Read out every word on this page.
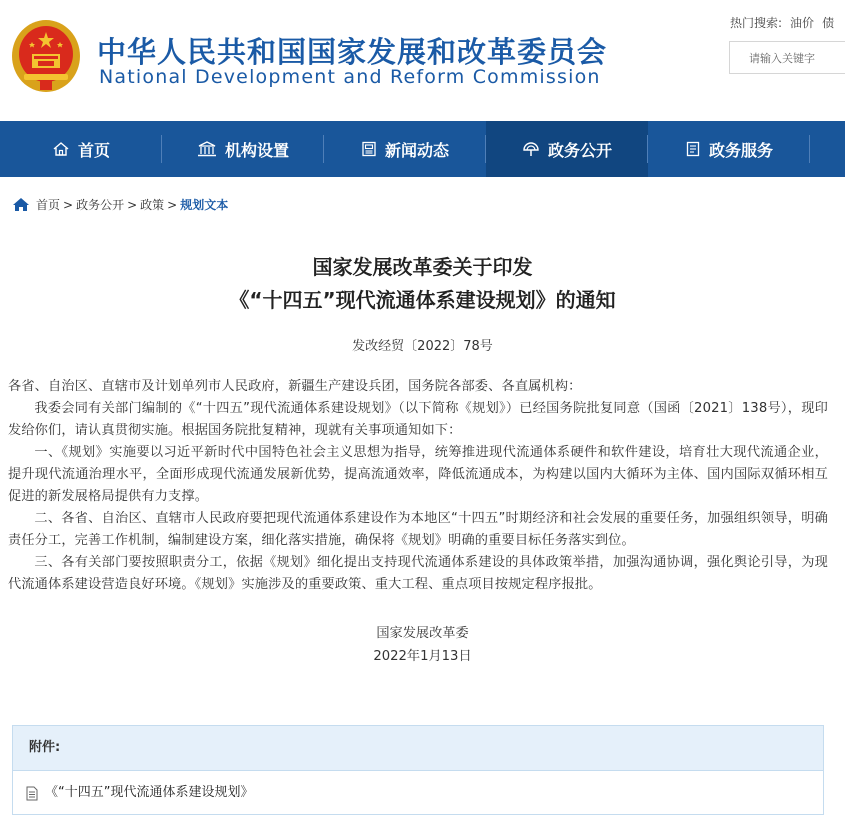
中华人民共和国国家发展和改革委员会
National Development and Reform Commission
热门搜索: 油价 债
请输入关键字
首页	机构设置	新闻动态	政务公开	政务服务
首页 > 政务公开 > 政策 > 规划文本
国家发展改革委关于印发
《“十四五”现代流通体系建设规划》的通知
发改经贸〔2022〕78号

各省、自治区、直辖市及计划单列市人民政府，新疆生产建设兵团，国务院各部委、各直属机构：

我委会同有关部门编制的《“十四五”现代流通体系建设规划》（以下简称《规划》）已经国务院批复同意（国函〔2021〕138号），现印发给你们，请认真贯彻实施。根据国务院批复精神，现就有关事项通知如下：

一、《规划》实施要以习近平新时代中国特色社会主义思想为指导，统筹推进现代流通体系硬件和软件建设，培育壮大现代流通企业，提升现代流通治理水平，全面形成现代流通发展新优势，提高流通效率，降低流通成本，为构建以国内大循环为主体、国内国际双循环相互促进的新发展格局提供有力支撑。

二、各省、自治区、直辖市人民政府要把现代流通体系建设作为本地区“十四五”时期经济和社会发展的重要任务，加强组织领导，明确责任分工，完善工作机制，编制建设方案，细化落实措施，确保将《规划》明确的重要目标任务落实到位。

三、各有关部门要按照职责分工，依据《规划》细化提出支持现代流通体系建设的具体政策举措，加强沟通协调，强化舆论引导，为现代流通体系建设营造良好环境。《规划》实施涉及的重要政策、重大工程、重点项目按规定程序报批。

国家发展改革委
2022年1月13日
附件:
《“十四五”现代流通体系建设规划》
